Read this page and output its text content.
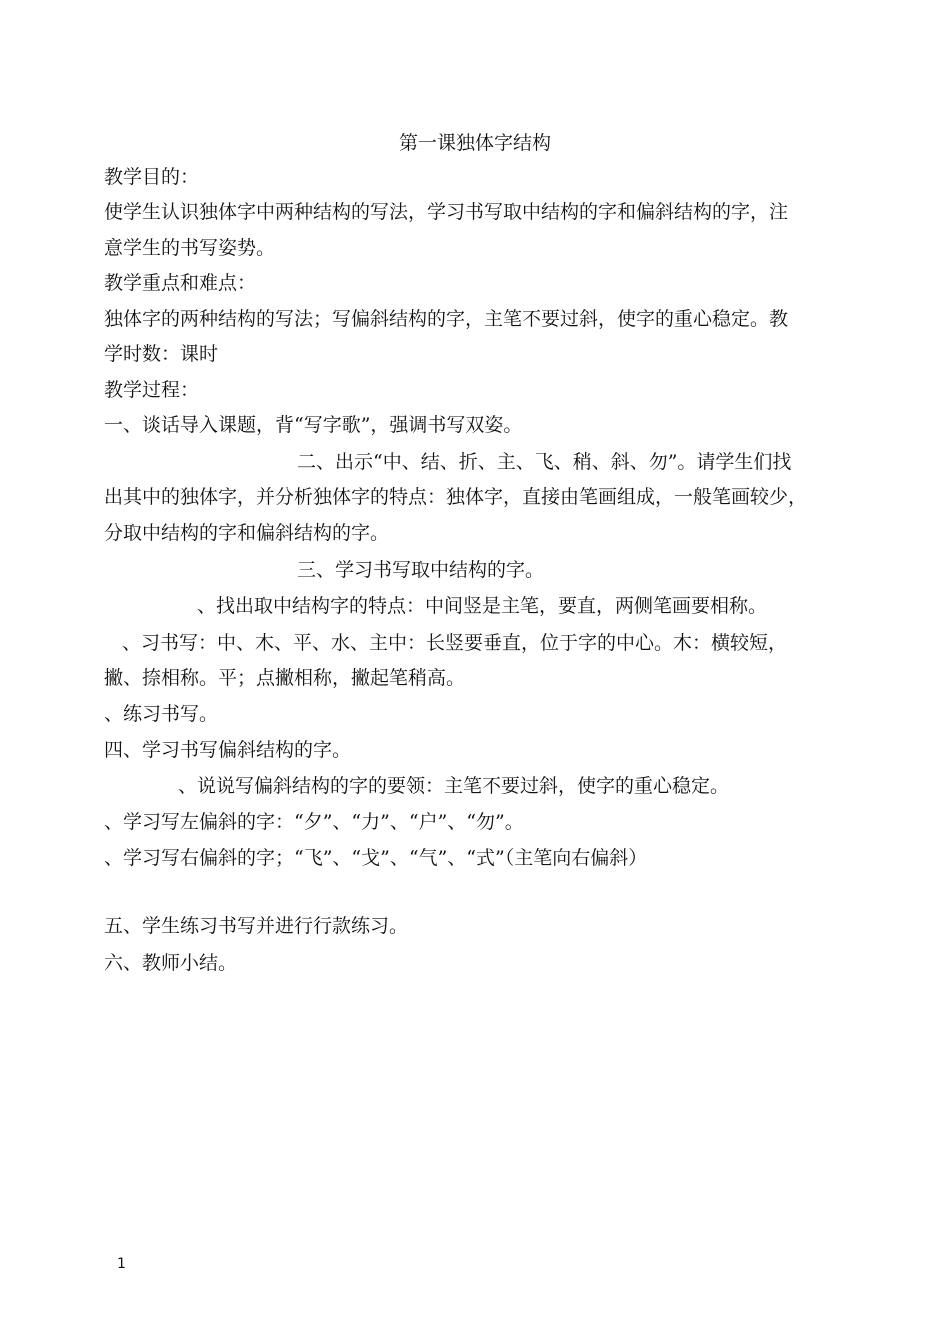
第一课独体字结构
教学目的：
使学生认识独体字中两种结构的写法，学习书写取中结构的字和偏斜结构的字，注
意学生的书写姿势。
教学重点和难点：
独体字的两种结构的写法；写偏斜结构的字，主笔不要过斜，使字的重心稳定。教
学时数：课时
教学过程：
一、谈话导入课题，背“写字歌”，强调书写双姿。
二、出示“中、结、折、主、飞、稍、斜、勿”。请学生们找
出其中的独体字，并分析独体字的特点：独体字，直接由笔画组成，一般笔画较少，
分取中结构的字和偏斜结构的字。
三、学习书写取中结构的字。
、找出取中结构字的特点：中间竖是主笔，要直，两侧笔画要相称。
、习书写：中、木、平、水、主中：长竖要垂直，位于字的中心。木：横较短，
撇、捺相称。平；点撇相称，撇起笔稍高。
、练习书写。
四、学习书写偏斜结构的字。
、说说写偏斜结构的字的要领：主笔不要过斜，使字的重心稳定。
、学习写左偏斜的字：“夕”、“力”、“户”、“勿”。
、学习写右偏斜的字；“飞”、“戈”、“气”、“式”（主笔向右偏斜）
五、学生练习书写并进行行款练习。
六、教师小结。
1
